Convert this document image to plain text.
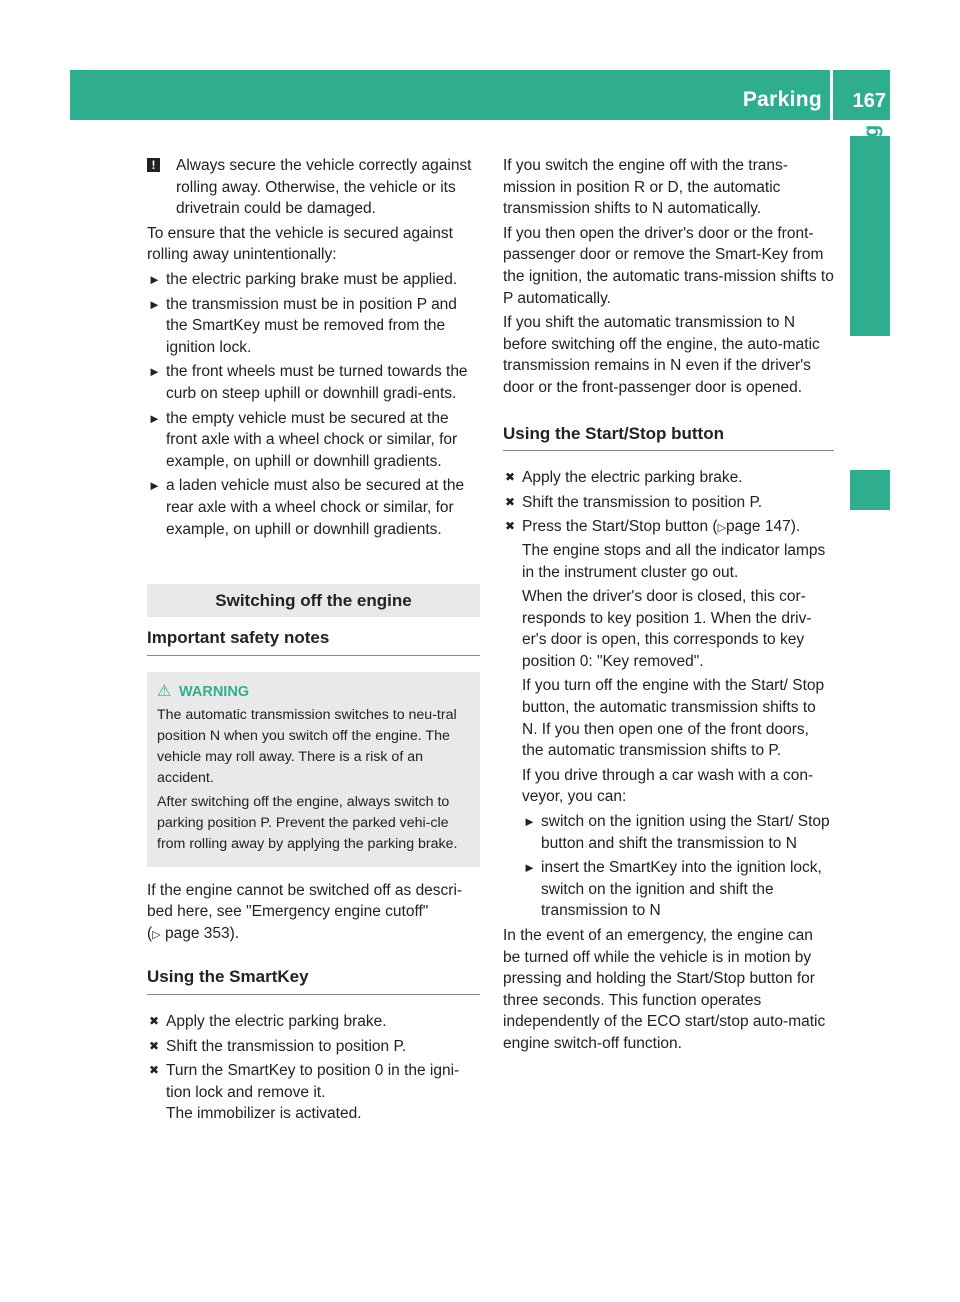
Parking 167
Driving and parking
! Always secure the vehicle correctly against rolling away. Otherwise, the vehicle or its drivetrain could be damaged.

To ensure that the vehicle is secured against rolling away unintentionally:

► the electric parking brake must be applied.
► the transmission must be in position P and the SmartKey must be removed from the ignition lock.
► the front wheels must be turned towards the curb on steep uphill or downhill gradi-ents.
► the empty vehicle must be secured at the front axle with a wheel chock or similar, for example, on uphill or downhill gradients.
► a laden vehicle must also be secured at the rear axle with a wheel chock or similar, for example, on uphill or downhill gradients.
Switching off the engine
Important safety notes
⚠ WARNING

The automatic transmission switches to neu-tral position N when you switch off the engine. The vehicle may roll away. There is a risk of an accident.

After switching off the engine, always switch to parking position P. Prevent the parked vehi-cle from rolling away by applying the parking brake.

If the engine cannot be switched off as descri-bed here, see "Emergency engine cutoff"
(▷ page 353).

Using the SmartKey
✖ Apply the electric parking brake.
✖ Shift the transmission to position P.
✖ Turn the SmartKey to position 0 in the igni-tion lock and remove it.
The immobilizer is activated.

If you switch the engine off with the trans-mission in position R or D, the automatic transmission shifts to N automatically.

If you then open the driver's door or the front-passenger door or remove the Smart-Key from the ignition, the automatic trans-mission shifts to P automatically.

If you shift the automatic transmission to N before switching off the engine, the auto-matic transmission remains in N even if the driver's door or the front-passenger door is opened.

Using the Start/Stop button
✖ Apply the electric parking brake.
✖ Shift the transmission to position P.
✖ Press the Start/Stop button (▷page 147).
The engine stops and all the indicator lamps in the instrument cluster go out.

When the driver's door is closed, this cor-responds to key position 1. When the driv-er's door is open, this corresponds to key position 0: "Key removed".

If you turn off the engine with the Start/ Stop button, the automatic transmission shifts to N. If you then open one of the front doors, the automatic transmission shifts to P.

If you drive through a car wash with a con-veyor, you can:

► switch on the ignition using the Start/ Stop button and shift the transmission to N
► insert the SmartKey into the ignition lock, switch on the ignition and shift the transmission to N

In the event of an emergency, the engine can be turned off while the vehicle is in motion by pressing and holding the Start/Stop button for three seconds. This function operates independently of the ECO start/stop auto-matic engine switch-off function.
